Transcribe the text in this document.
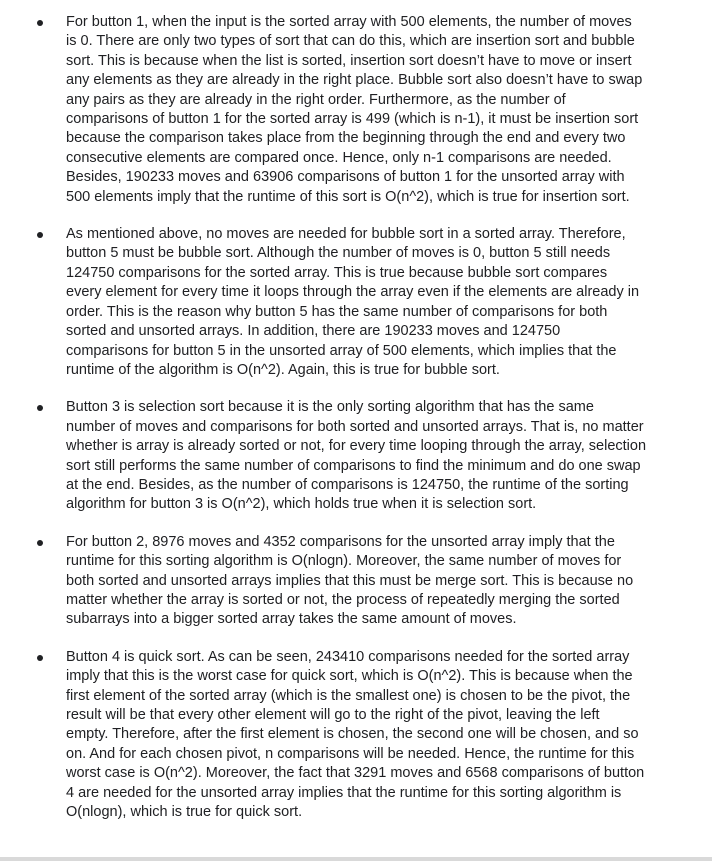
For button 1, when the input is the sorted array with 500 elements, the number of moves is 0. There are only two types of sort that can do this, which are insertion sort and bubble sort. This is because when the list is sorted, insertion sort doesn’t have to move or insert any elements as they are already in the right place. Bubble sort also doesn’t have to swap any pairs as they are already in the right order. Furthermore, as the number of comparisons of button 1 for the sorted array is 499 (which is n-1), it must be insertion sort because the comparison takes place from the beginning through the end and every two consecutive elements are compared once. Hence, only n-1 comparisons are needed. Besides, 190233 moves and 63906 comparisons of button 1 for the unsorted array with 500 elements imply that the runtime of this sort is O(n^2), which is true for insertion sort.
As mentioned above, no moves are needed for bubble sort in a sorted array. Therefore, button 5 must be bubble sort. Although the number of moves is 0, button 5 still needs 124750 comparisons for the sorted array. This is true because bubble sort compares every element for every time it loops through the array even if the elements are already in order. This is the reason why button 5 has the same number of comparisons for both sorted and unsorted arrays. In addition, there are 190233 moves and 124750 comparisons for button 5 in the unsorted array of 500 elements, which implies that the runtime of the algorithm is O(n^2). Again, this is true for bubble sort.
Button 3 is selection sort because it is the only sorting algorithm that has the same number of moves and comparisons for both sorted and unsorted arrays. That is, no matter whether is array is already sorted or not, for every time looping through the array, selection sort still performs the same number of comparisons to find the minimum and do one swap at the end. Besides, as the number of comparisons is 124750, the runtime of the sorting algorithm for button 3 is O(n^2), which holds true when it is selection sort.
For button 2, 8976 moves and 4352 comparisons for the unsorted array imply that the runtime for this sorting algorithm is O(nlogn). Moreover, the same number of moves for both sorted and unsorted arrays implies that this must be merge sort. This is because no matter whether the array is sorted or not, the process of repeatedly merging the sorted subarrays into a bigger sorted array takes the same amount of moves.
Button 4 is quick sort. As can be seen, 243410 comparisons needed for the sorted array imply that this is the worst case for quick sort, which is O(n^2). This is because when the first element of the sorted array (which is the smallest one) is chosen to be the pivot, the result will be that every other element will go to the right of the pivot, leaving the left empty. Therefore, after the first element is chosen, the second one will be chosen, and so on. And for each chosen pivot, n comparisons will be needed. Hence, the runtime for this worst case is O(n^2). Moreover, the fact that 3291 moves and 6568 comparisons of button 4 are needed for the unsorted array implies that the runtime for this sorting algorithm is O(nlogn), which is true for quick sort.
